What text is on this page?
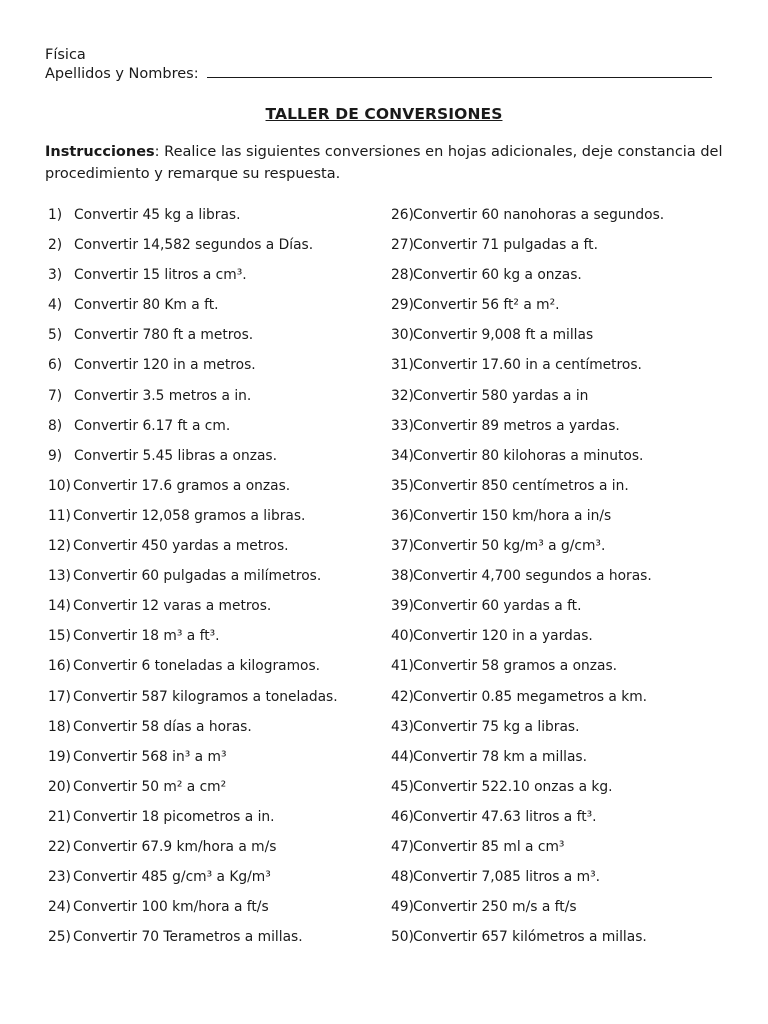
Física
Apellidos y Nombres:
TALLER DE CONVERSIONES
Instrucciones: Realice las siguientes conversiones en hojas adicionales, deje constancia del procedimiento y remarque su respuesta.
1) Convertir 45 kg a libras.
2) Convertir 14,582 segundos a Días.
3) Convertir 15 litros a cm³.
4) Convertir 80 Km a ft.
5) Convertir 780 ft a metros.
6) Convertir 120 in a metros.
7) Convertir 3.5 metros a in.
8) Convertir 6.17 ft a cm.
9) Convertir 5.45 libras a onzas.
10) Convertir 17.6 gramos a onzas.
11) Convertir 12,058 gramos a libras.
12) Convertir 450 yardas a metros.
13) Convertir 60 pulgadas a milímetros.
14) Convertir 12 varas a metros.
15) Convertir 18 m³ a ft³.
16) Convertir 6 toneladas a kilogramos.
17) Convertir 587 kilogramos a toneladas.
18) Convertir 58 días a horas.
19) Convertir 568 in³ a m³
20) Convertir 50 m² a cm²
21) Convertir 18 picometros a in.
22) Convertir 67.9 km/hora a m/s
23) Convertir 485 g/cm³ a Kg/m³
24) Convertir 100 km/hora a ft/s
25) Convertir 70 Terametros a millas.
26) Convertir 60 nanohoras a segundos.
27) Convertir 71 pulgadas a ft.
28) Convertir 60 kg a onzas.
29) Convertir 56 ft² a m².
30) Convertir 9,008 ft a millas
31) Convertir 17.60 in a centímetros.
32) Convertir 580 yardas a in
33) Convertir 89 metros a yardas.
34) Convertir 80 kilohoras a minutos.
35) Convertir 850 centímetros a in.
36) Convertir 150 km/hora a in/s
37) Convertir 50 kg/m³ a g/cm³.
38) Convertir 4,700 segundos a horas.
39) Convertir 60 yardas a ft.
40) Convertir 120 in a yardas.
41) Convertir 58 gramos a onzas.
42) Convertir 0.85 megametros a km.
43) Convertir 75 kg a libras.
44) Convertir 78 km a millas.
45) Convertir 522.10 onzas a kg.
46) Convertir 47.63 litros a ft³.
47) Convertir 85 ml a cm³
48) Convertir 7,085 litros a m³.
49) Convertir 250 m/s a ft/s
50) Convertir 657 kilómetros a millas.
